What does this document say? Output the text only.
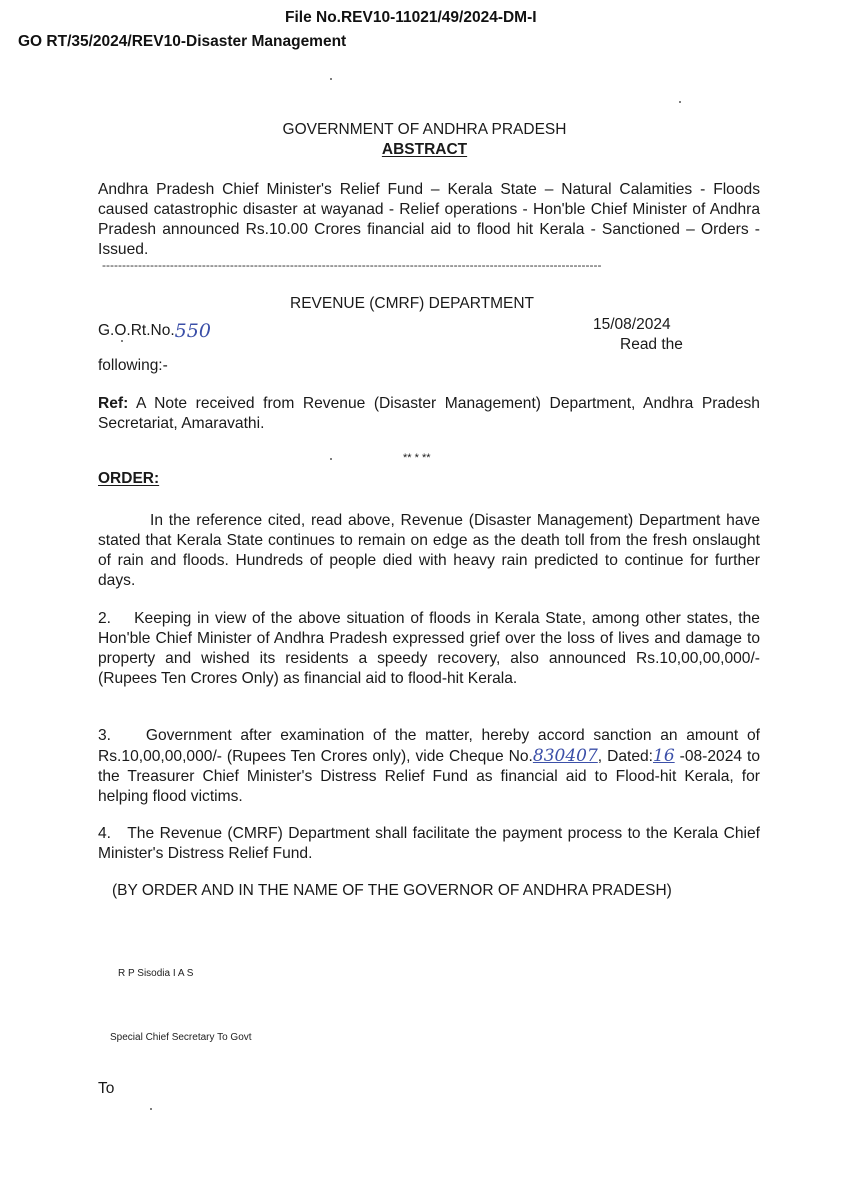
File No.REV10-11021/49/2024-DM-I
GO RT/35/2024/REV10-Disaster Management
GOVERNMENT OF ANDHRA PRADESH
ABSTRACT
Andhra Pradesh Chief Minister's Relief Fund – Kerala State – Natural Calamities - Floods caused catastrophic disaster at wayanad - Relief operations - Hon'ble Chief Minister of Andhra Pradesh announced Rs.10.00 Crores financial aid to flood hit Kerala - Sanctioned – Orders - Issued.
-----------------------------------------------------------------------------------------------------------------------------
REVENUE (CMRF) DEPARTMENT
G.O.Rt.No.550	15/08/2024
Read the
following:-
Ref: A Note received from Revenue (Disaster Management) Department, Andhra Pradesh Secretariat, Amaravathi.
** * **
ORDER:
In the reference cited, read above, Revenue (Disaster Management) Department have stated that Kerala State continues to remain on edge as the death toll from the fresh onslaught of rain and floods. Hundreds of people died with heavy rain predicted to continue for further days.
2. Keeping in view of the above situation of floods in Kerala State, among other states, the Hon'ble Chief Minister of Andhra Pradesh expressed grief over the loss of lives and damage to property and wished its residents a speedy recovery, also announced Rs.10,00,00,000/- (Rupees Ten Crores Only) as financial aid to flood-hit Kerala.
3. Government after examination of the matter, hereby accord sanction an amount of Rs.10,00,00,000/- (Rupees Ten Crores only), vide Cheque No.830407, Dated:16 -08-2024 to the Treasurer Chief Minister's Distress Relief Fund as financial aid to Flood-hit Kerala, for helping flood victims.
4. The Revenue (CMRF) Department shall facilitate the payment process to the Kerala Chief Minister's Distress Relief Fund.
(BY ORDER AND IN THE NAME OF THE GOVERNOR OF ANDHRA PRADESH)
R P Sisodia I A S
Special Chief Secretary To Govt
To
